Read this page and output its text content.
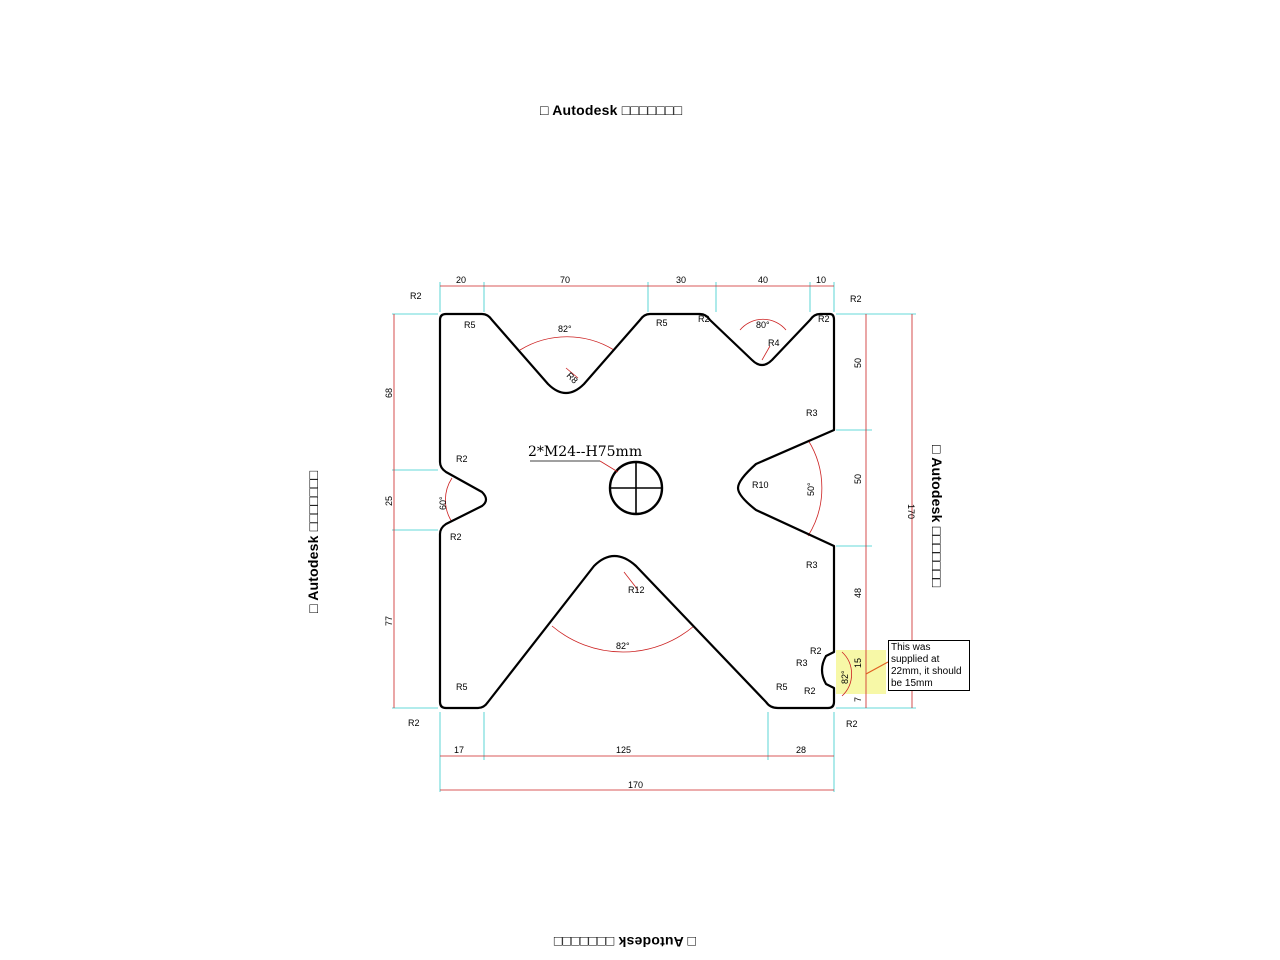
□ Autodesk □□□□□□□
□ Autodesk □□□□□□□
□ Autodesk □□□□□□□	□ Autodesk □□□□□□□
2*M24--H75mm
20	70	30	40	10
68
25
77
50
50
48
15
7
170
17	125	28
170
R2
R5	R5	R2
R4
R2
R2
R8
R3
R10
R3
R2
R2
R12
R2
R3
R2
R5	R5
R2	R2
82°	80°
60°
50°
82°
82°
This was supplied at 22mm, it should be 15mm
